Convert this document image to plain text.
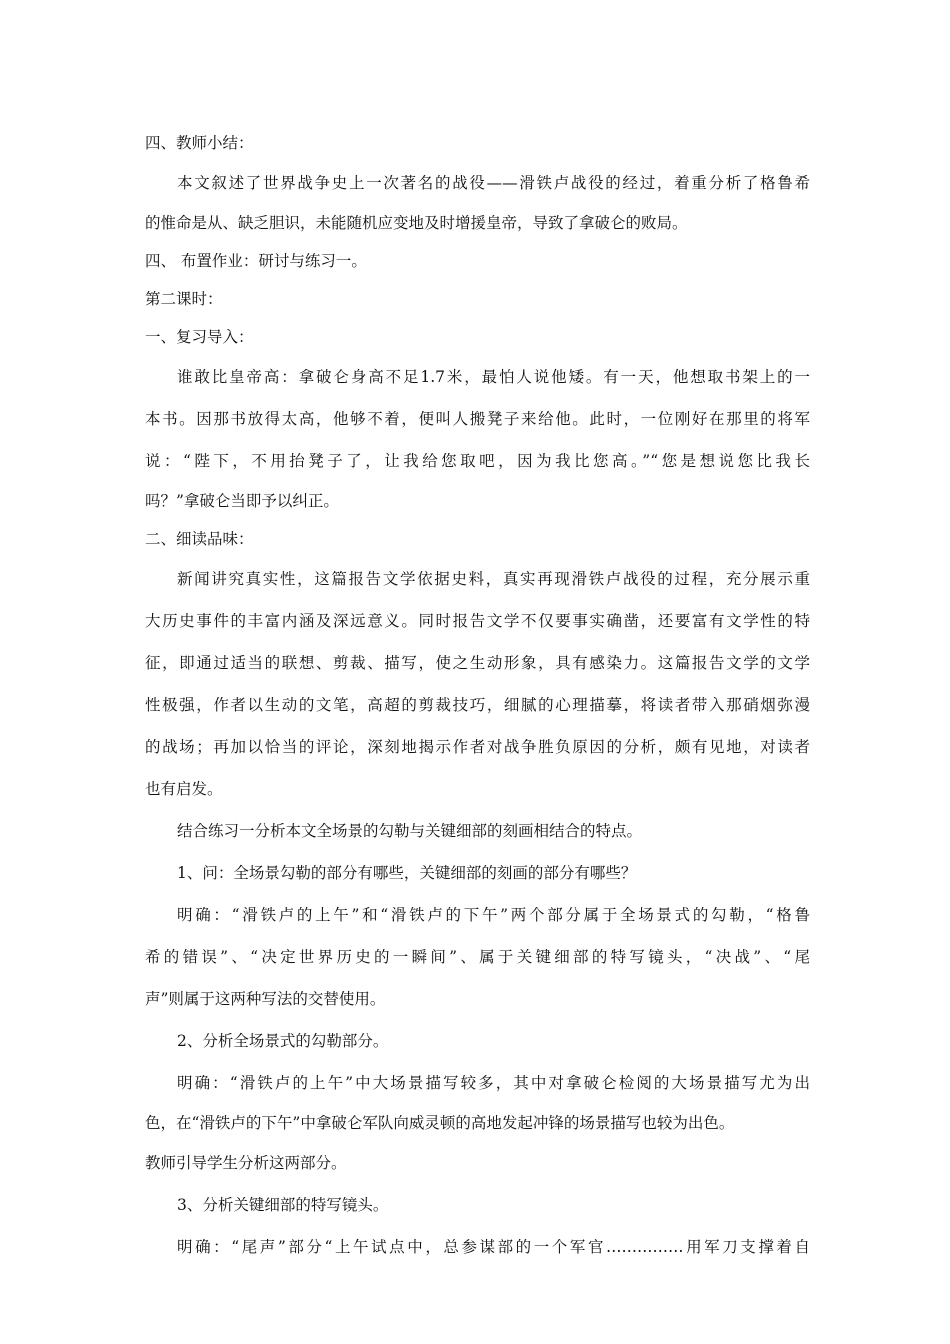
四、教师小结：
本文叙述了世界战争史上一次著名的战役——滑铁卢战役的经过，着重分析了格鲁希
的惟命是从、缺乏胆识，未能随机应变地及时增援皇帝，导致了拿破仑的败局。
四、 布置作业：研讨与练习一。
第二课时：
一、复习导入：
谁敢比皇帝高：拿破仑身高不足1.7米，最怕人说他矮。有一天，他想取书架上的一
本书。因那书放得太高，他够不着，便叫人搬凳子来给他。此时，一位刚好在那里的将军
说：“陛下，不用抬凳子了，让我给您取吧，因为我比您高。”“您是想说您比我长
吗？”拿破仑当即予以纠正。
二、细读品味：
新闻讲究真实性，这篇报告文学依据史料，真实再现滑铁卢战役的过程，充分展示重
大历史事件的丰富内涵及深远意义。同时报告文学不仅要事实确凿，还要富有文学性的特
征，即通过适当的联想、剪裁、描写，使之生动形象，具有感染力。这篇报告文学的文学
性极强，作者以生动的文笔，高超的剪裁技巧，细腻的心理描摹，将读者带入那硝烟弥漫
的战场；再加以恰当的评论，深刻地揭示作者对战争胜负原因的分析，颇有见地，对读者
也有启发。
结合练习一分析本文全场景的勾勒与关键细部的刻画相结合的特点。
1、问：全场景勾勒的部分有哪些，关键细部的刻画的部分有哪些？
明确：“滑铁卢的上午”和“滑铁卢的下午”两个部分属于全场景式的勾勒，“格鲁
希的错误”、“决定世界历史的一瞬间”、属于关键细部的特写镜头，“决战”、“尾
声”则属于这两种写法的交替使用。
2、分析全场景式的勾勒部分。
明确：“滑铁卢的上午”中大场景描写较多，其中对拿破仑检阅的大场景描写尤为出
色，在“滑铁卢的下午”中拿破仑军队向威灵顿的高地发起冲锋的场景描写也较为出色。
教师引导学生分析这两部分。
3、分析关键细部的特写镜头。
明确：“尾声”部分“上午试点中，总参谋部的一个军官……………用军刀支撑着自
